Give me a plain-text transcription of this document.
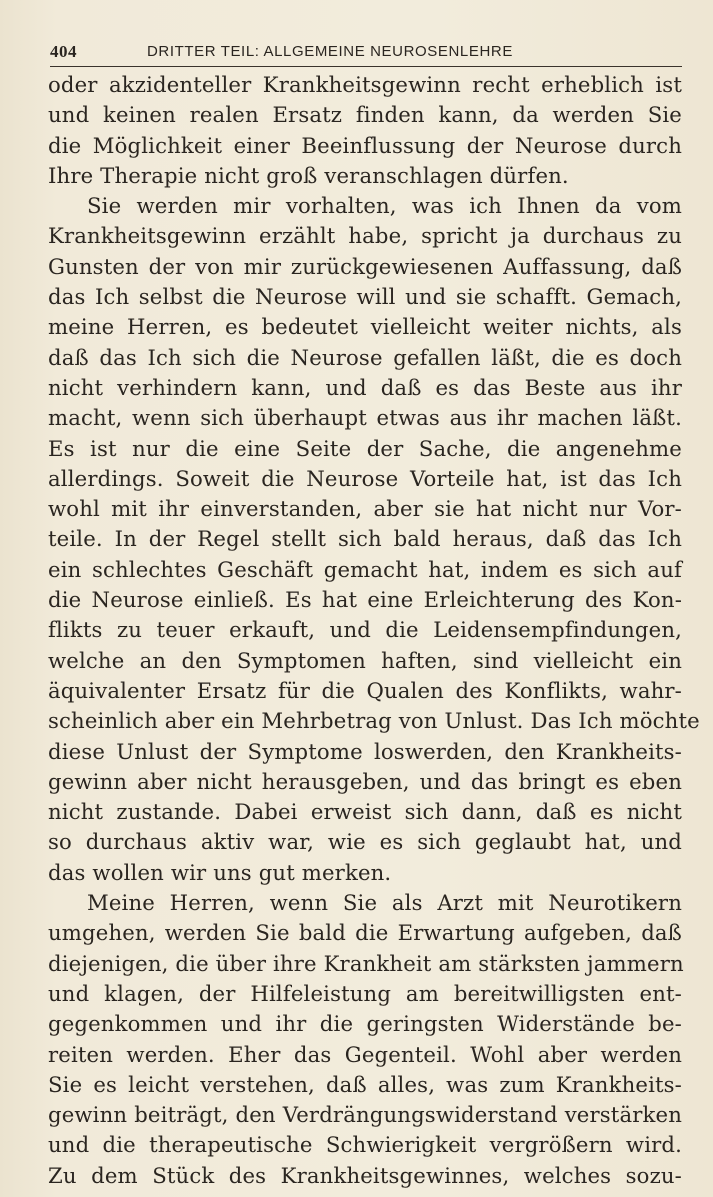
404	DRITTER TEIL: ALLGEMEINE NEUROSENLEHRE
oder akzidenteller Krankheitsgewinn recht erheblich ist
und keinen realen Ersatz finden kann, da werden Sie
die Möglichkeit einer Beeinflussung der Neurose durch
Ihre Therapie nicht groß veranschlagen dürfen.
Sie werden mir vorhalten, was ich Ihnen da vom
Krankheitsgewinn erzählt habe, spricht ja durchaus zu
Gunsten der von mir zurückgewiesenen Auffassung, daß
das Ich selbst die Neurose will und sie schafft. Gemach,
meine Herren, es bedeutet vielleicht weiter nichts, als
daß das Ich sich die Neurose gefallen läßt, die es doch
nicht verhindern kann, und daß es das Beste aus ihr
macht, wenn sich überhaupt etwas aus ihr machen läßt.
Es ist nur die eine Seite der Sache, die angenehme
allerdings. Soweit die Neurose Vorteile hat, ist das Ich
wohl mit ihr einverstanden, aber sie hat nicht nur Vor-
teile. In der Regel stellt sich bald heraus, daß das Ich
ein schlechtes Geschäft gemacht hat, indem es sich auf
die Neurose einließ. Es hat eine Erleichterung des Kon-
flikts zu teuer erkauft, und die Leidensempfindungen,
welche an den Symptomen haften, sind vielleicht ein
äquivalenter Ersatz für die Qualen des Konflikts, wahr-
scheinlich aber ein Mehrbetrag von Unlust. Das Ich möchte
diese Unlust der Symptome loswerden, den Krankheits-
gewinn aber nicht herausgeben, und das bringt es eben
nicht zustande. Dabei erweist sich dann, daß es nicht
so durchaus aktiv war, wie es sich geglaubt hat, und
das wollen wir uns gut merken.
Meine Herren, wenn Sie als Arzt mit Neurotikern
umgehen, werden Sie bald die Erwartung aufgeben, daß
diejenigen, die über ihre Krankheit am stärksten jammern
und klagen, der Hilfeleistung am bereitwilligsten ent-
gegenkommen und ihr die geringsten Widerstände be-
reiten werden. Eher das Gegenteil. Wohl aber werden
Sie es leicht verstehen, daß alles, was zum Krankheits-
gewinn beiträgt, den Verdrängungswiderstand verstärken
und die therapeutische Schwierigkeit vergrößern wird.
Zu dem Stück des Krankheitsgewinnes, welches sozu-
